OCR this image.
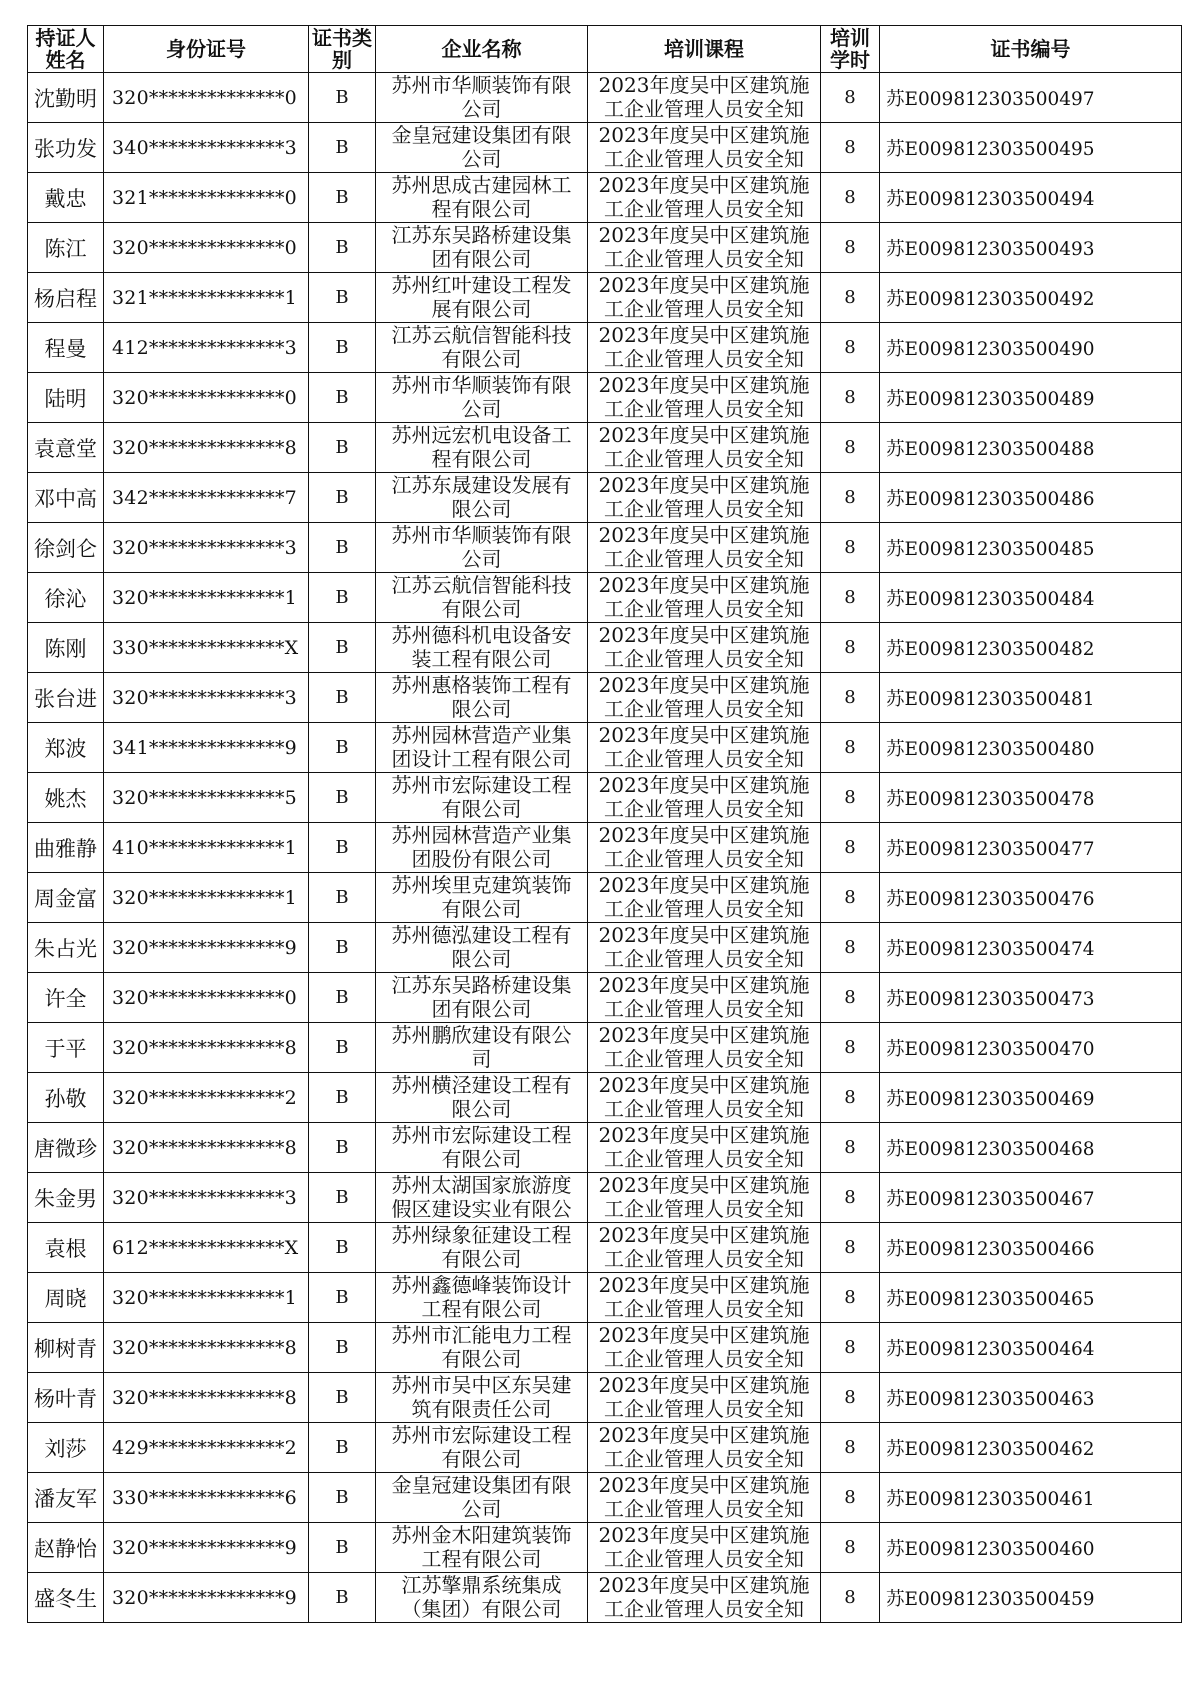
持证人姓名	身份证号	证书类别	企业名称	培训课程	培训学时	证书编号
沈勤明	320**************0	B	苏州市华顺装饰有限公司	2023年度吴中区建筑施工企业管理人员安全知	8	苏E009812303500497
张功发	340**************3	B	金皇冠建设集团有限公司	2023年度吴中区建筑施工企业管理人员安全知	8	苏E009812303500495
戴忠	321**************0	B	苏州思成古建园林工程有限公司	2023年度吴中区建筑施工企业管理人员安全知	8	苏E009812303500494
陈江	320**************0	B	江苏东吴路桥建设集团有限公司	2023年度吴中区建筑施工企业管理人员安全知	8	苏E009812303500493
杨启程	321**************1	B	苏州红叶建设工程发展有限公司	2023年度吴中区建筑施工企业管理人员安全知	8	苏E009812303500492
程曼	412**************3	B	江苏云航信智能科技有限公司	2023年度吴中区建筑施工企业管理人员安全知	8	苏E009812303500490
陆明	320**************0	B	苏州市华顺装饰有限公司	2023年度吴中区建筑施工企业管理人员安全知	8	苏E009812303500489
袁意堂	320**************8	B	苏州远宏机电设备工程有限公司	2023年度吴中区建筑施工企业管理人员安全知	8	苏E009812303500488
邓中高	342**************7	B	江苏东晟建设发展有限公司	2023年度吴中区建筑施工企业管理人员安全知	8	苏E009812303500486
徐剑仑	320**************3	B	苏州市华顺装饰有限公司	2023年度吴中区建筑施工企业管理人员安全知	8	苏E009812303500485
徐沁	320**************1	B	江苏云航信智能科技有限公司	2023年度吴中区建筑施工企业管理人员安全知	8	苏E009812303500484
陈刚	330**************X	B	苏州德科机电设备安装工程有限公司	2023年度吴中区建筑施工企业管理人员安全知	8	苏E009812303500482
张台进	320**************3	B	苏州惠格装饰工程有限公司	2023年度吴中区建筑施工企业管理人员安全知	8	苏E009812303500481
郑波	341**************9	B	苏州园林营造产业集团设计工程有限公司	2023年度吴中区建筑施工企业管理人员安全知	8	苏E009812303500480
姚杰	320**************5	B	苏州市宏际建设工程有限公司	2023年度吴中区建筑施工企业管理人员安全知	8	苏E009812303500478
曲雅静	410**************1	B	苏州园林营造产业集团股份有限公司	2023年度吴中区建筑施工企业管理人员安全知	8	苏E009812303500477
周金富	320**************1	B	苏州埃里克建筑装饰有限公司	2023年度吴中区建筑施工企业管理人员安全知	8	苏E009812303500476
朱占光	320**************9	B	苏州德泓建设工程有限公司	2023年度吴中区建筑施工企业管理人员安全知	8	苏E009812303500474
许全	320**************0	B	江苏东吴路桥建设集团有限公司	2023年度吴中区建筑施工企业管理人员安全知	8	苏E009812303500473
于平	320**************8	B	苏州鹏欣建设有限公司	2023年度吴中区建筑施工企业管理人员安全知	8	苏E009812303500470
孙敬	320**************2	B	苏州横泾建设工程有限公司	2023年度吴中区建筑施工企业管理人员安全知	8	苏E009812303500469
唐微珍	320**************8	B	苏州市宏际建设工程有限公司	2023年度吴中区建筑施工企业管理人员安全知	8	苏E009812303500468
朱金男	320**************3	B	苏州太湖国家旅游度假区建设实业有限公	2023年度吴中区建筑施工企业管理人员安全知	8	苏E009812303500467
袁根	612**************X	B	苏州绿象征建设工程有限公司	2023年度吴中区建筑施工企业管理人员安全知	8	苏E009812303500466
周晓	320**************1	B	苏州鑫德峰装饰设计工程有限公司	2023年度吴中区建筑施工企业管理人员安全知	8	苏E009812303500465
柳树青	320**************8	B	苏州市汇能电力工程有限公司	2023年度吴中区建筑施工企业管理人员安全知	8	苏E009812303500464
杨叶青	320**************8	B	苏州市吴中区东吴建筑有限责任公司	2023年度吴中区建筑施工企业管理人员安全知	8	苏E009812303500463
刘莎	429**************2	B	苏州市宏际建设工程有限公司	2023年度吴中区建筑施工企业管理人员安全知	8	苏E009812303500462
潘友军	330**************6	B	金皇冠建设集团有限公司	2023年度吴中区建筑施工企业管理人员安全知	8	苏E009812303500461
赵静怡	320**************9	B	苏州金木阳建筑装饰工程有限公司	2023年度吴中区建筑施工企业管理人员安全知	8	苏E009812303500460
盛冬生	320**************9	B	江苏擎鼎系统集成（集团）有限公司	2023年度吴中区建筑施工企业管理人员安全知	8	苏E009812303500459
